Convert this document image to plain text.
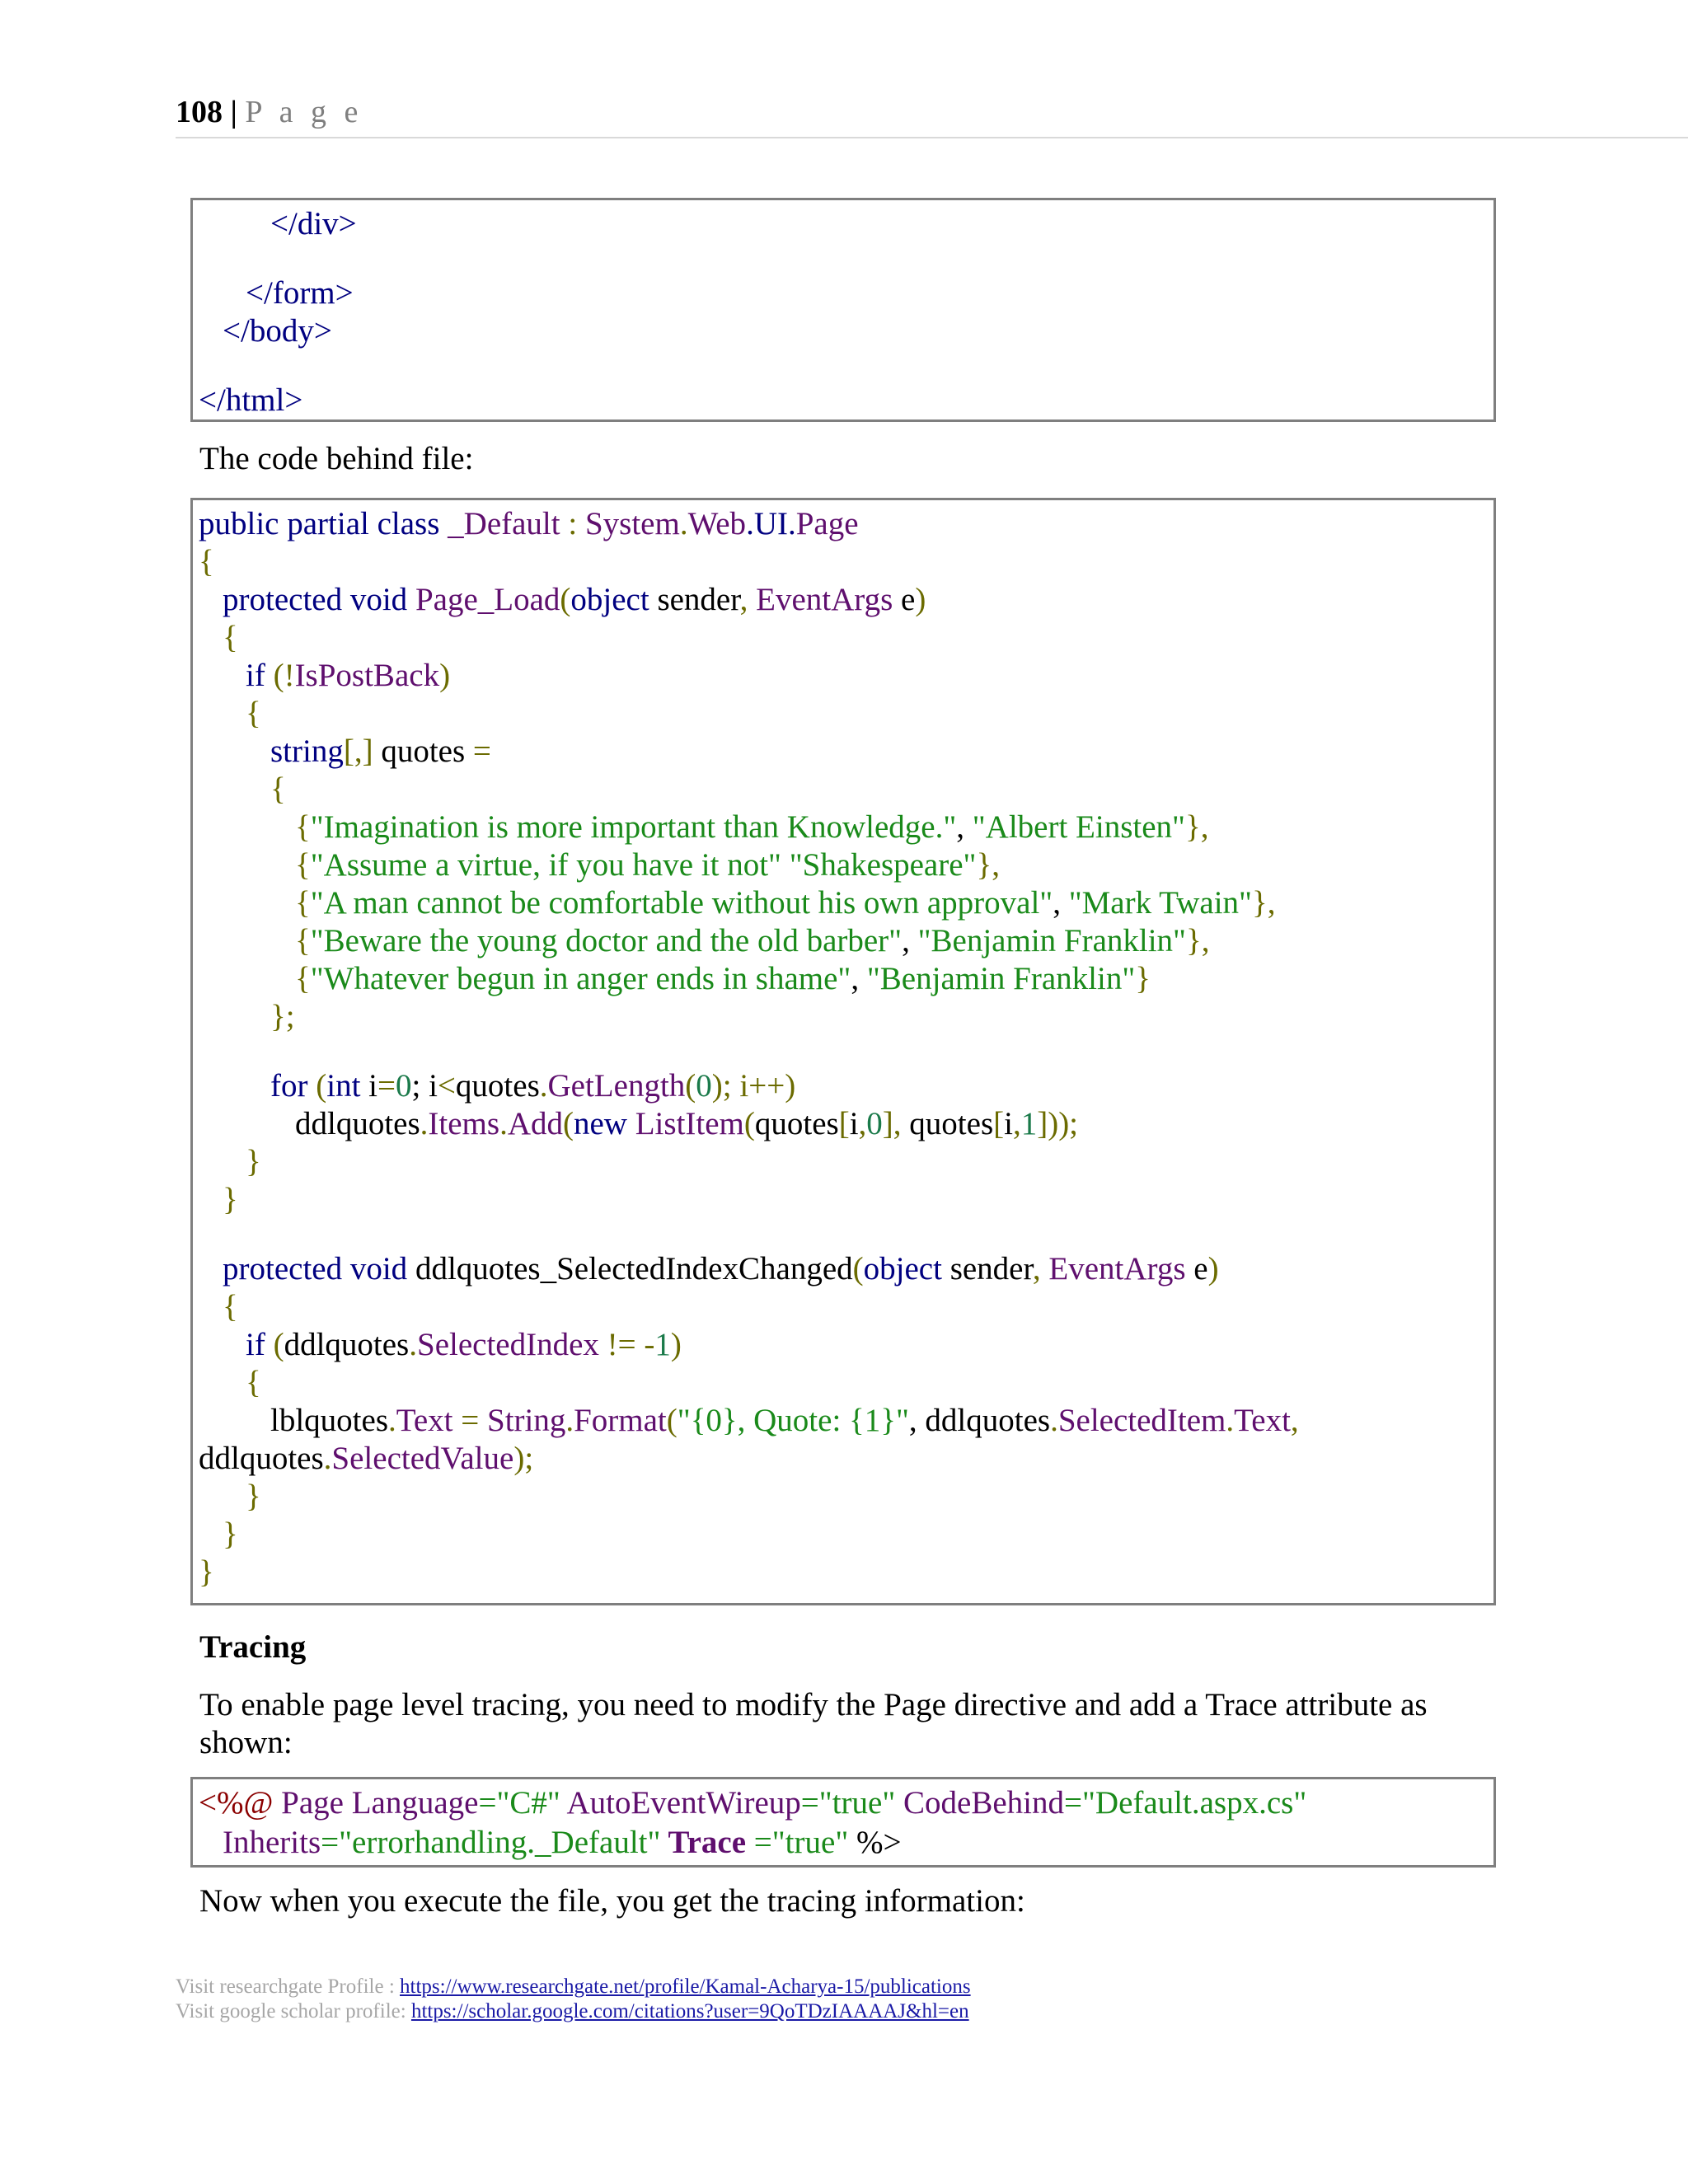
108 | P a g e
</div>
</form>
</body>
</html>
The code behind file:
public partial class _Default : System.Web.UI.Page
{
protected void Page_Load(object sender, EventArgs e)
{
if (!IsPostBack)
{
string[,] quotes =
{
{"Imagination is more important than Knowledge.", "Albert Einsten"},
{"Assume a virtue, if you have it not" "Shakespeare"},
{"A man cannot be comfortable without his own approval", "Mark Twain"},
{"Beware the young doctor and the old barber", "Benjamin Franklin"},
{"Whatever begun in anger ends in shame", "Benjamin Franklin"}
};
for (int i=0; i<quotes.GetLength(0); i++)
ddlquotes.Items.Add(new ListItem(quotes[i,0], quotes[i,1]));
}
}
protected void ddlquotes_SelectedIndexChanged(object sender, EventArgs e)
{
if (ddlquotes.SelectedIndex != -1)
{
lblquotes.Text = String.Format("{0}, Quote: {1}", ddlquotes.SelectedItem.Text,
ddlquotes.SelectedValue);
}
}
}
Tracing
To enable page level tracing, you need to modify the Page directive and add a Trace attribute as
shown:
<%@ Page Language="C#" AutoEventWireup="true" CodeBehind="Default.aspx.cs"
Inherits="errorhandling._Default" Trace ="true" %>
Now when you execute the file, you get the tracing information:
Visit researchgate Profile : https://www.researchgate.net/profile/Kamal-Acharya-15/publications
Visit google scholar profile: https://scholar.google.com/citations?user=9QoTDzIAAAAJ&hl=en
